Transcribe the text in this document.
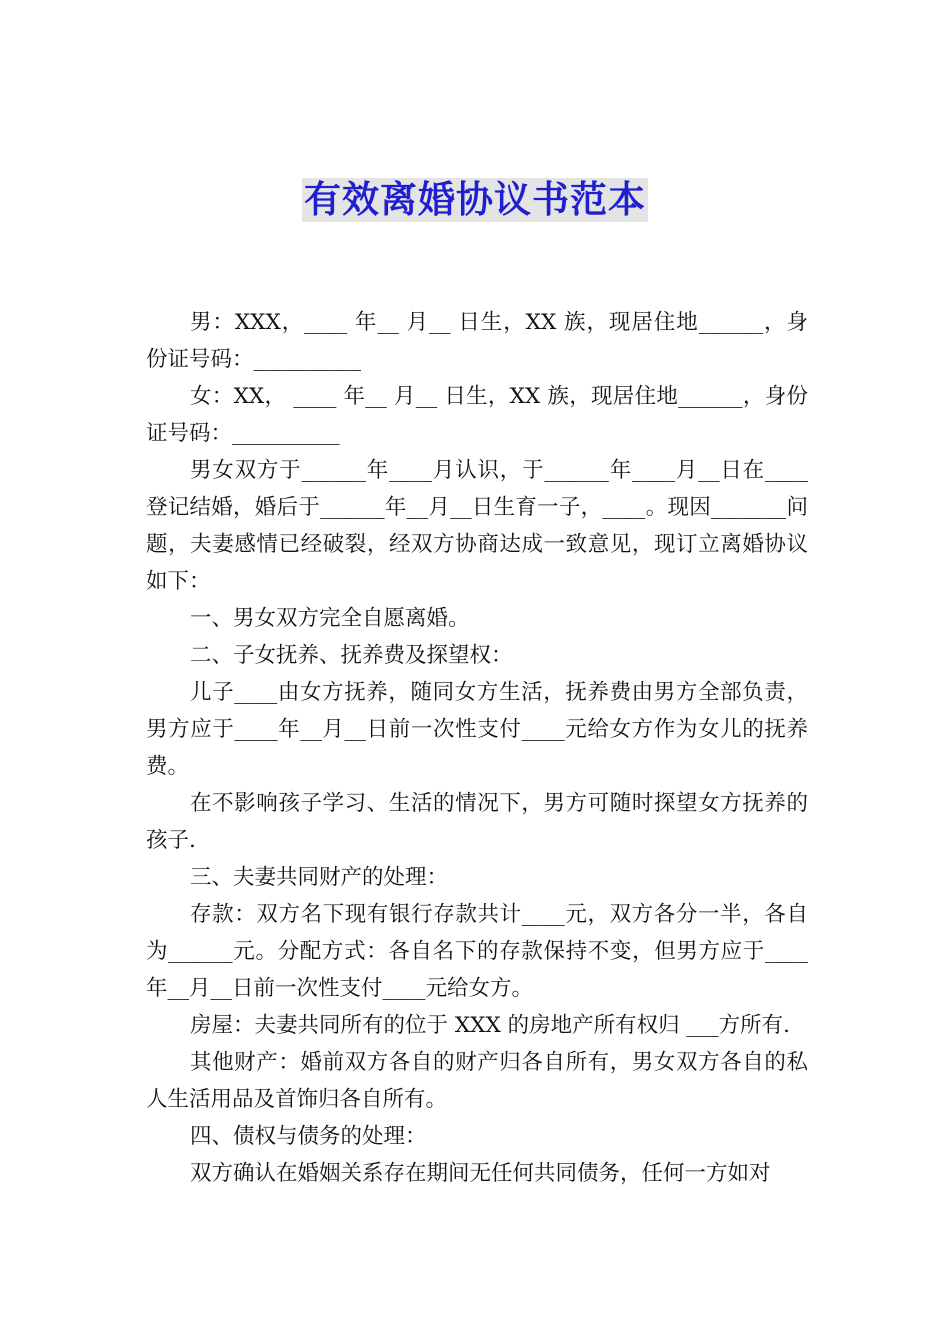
有效离婚协议书范本

男：XXX，____ 年__ 月__ 日生，XX 族，现居住地______，身份证号码：__________

女：XX， ____ 年__ 月__ 日生，XX 族，现居住地______，身份证号码：__________

男女双方于______年____月认识，于______年____月__日在____登记结婚，婚后于______年__月__日生育一子，____。现因_______问题，夫妻感情已经破裂，经双方协商达成一致意见，现订立离婚协议如下：

一、男女双方完全自愿离婚。

二、子女抚养、抚养费及探望权：

儿子____由女方抚养，随同女方生活，抚养费由男方全部负责，男方应于____年__月__日前一次性支付____元给女方作为女儿的抚养费。

在不影响孩子学习、生活的情况下，男方可随时探望女方抚养的孩子.

三、夫妻共同财产的处理：

存款：双方名下现有银行存款共计____元，双方各分一半，各自为______元。分配方式：各自名下的存款保持不变，但男方应于____年__月__日前一次性支付____元给女方。

房屋：夫妻共同所有的位于 XXX 的房地产所有权归 ___方所有.

其他财产：婚前双方各自的财产归各自所有，男女双方各自的私人生活用品及首饰归各自所有。

四、债权与债务的处理：

双方确认在婚姻关系存在期间无任何共同债务，任何一方如对
